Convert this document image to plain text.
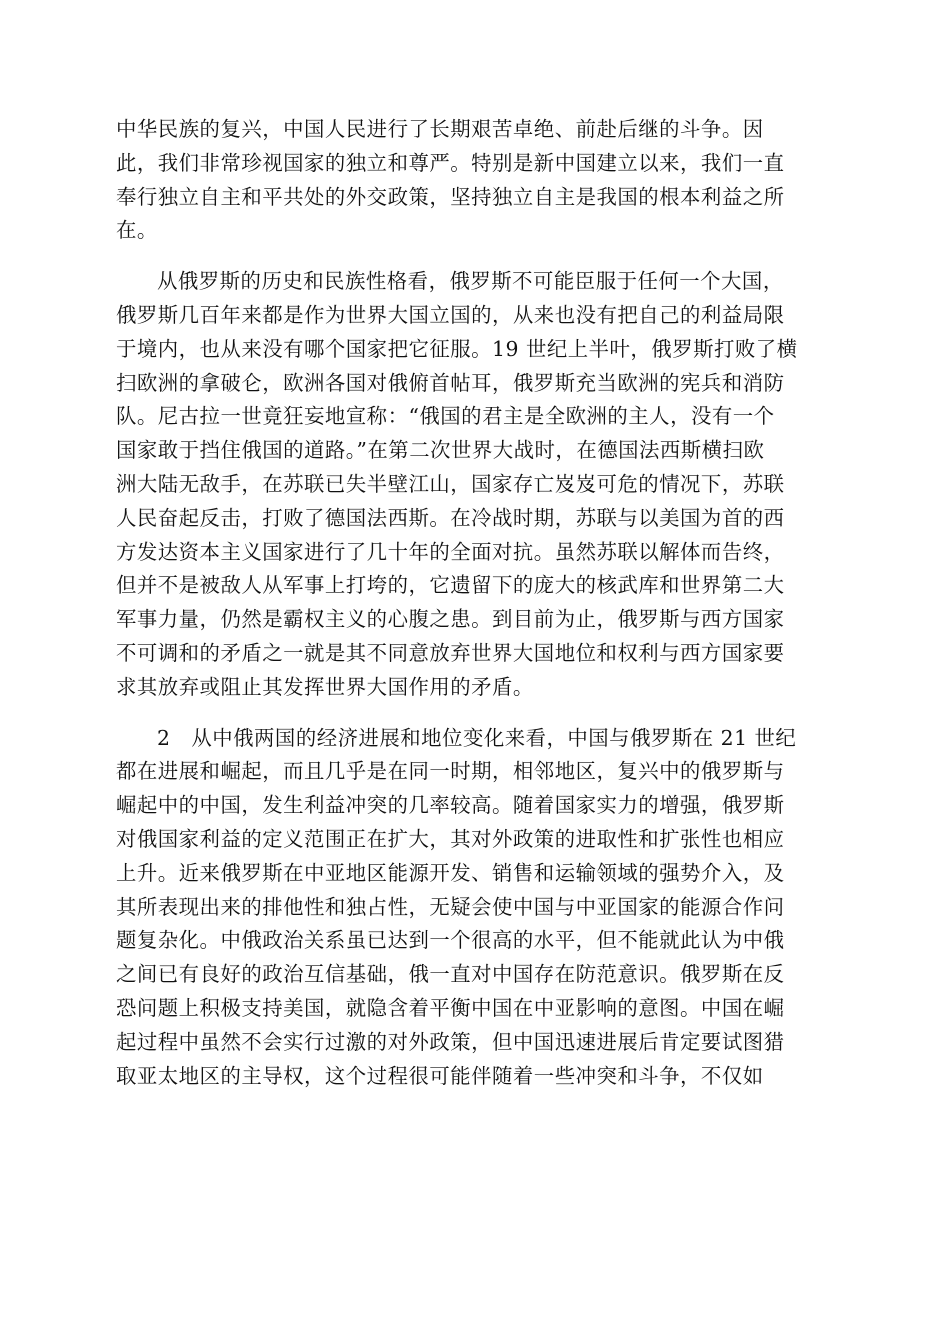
中华民族的复兴，中国人民进行了长期艰苦卓绝、前赴后继的斗争。因
此，我们非常珍视国家的独立和尊严。特别是新中国建立以来，我们一直
奉行独立自主和平共处的外交政策，坚持独立自主是我国的根本利益之所
在。

从俄罗斯的历史和民族性格看，俄罗斯不可能臣服于任何一个大国，
俄罗斯几百年来都是作为世界大国立国的，从来也没有把自己的利益局限
于境内，也从来没有哪个国家把它征服。19 世纪上半叶，俄罗斯打败了横
扫欧洲的拿破仑，欧洲各国对俄俯首帖耳，俄罗斯充当欧洲的宪兵和消防
队。尼古拉一世竟狂妄地宣称：“俄国的君主是全欧洲的主人，没有一个
国家敢于挡住俄国的道路。”在第二次世界大战时，在德国法西斯横扫欧
洲大陆无敌手，在苏联已失半壁江山，国家存亡岌岌可危的情况下，苏联
人民奋起反击，打败了德国法西斯。在冷战时期，苏联与以美国为首的西
方发达资本主义国家进行了几十年的全面对抗。虽然苏联以解体而告终，
但并不是被敌人从军事上打垮的，它遗留下的庞大的核武库和世界第二大
军事力量，仍然是霸权主义的心腹之患。到目前为止，俄罗斯与西方国家
不可调和的矛盾之一就是其不同意放弃世界大国地位和权利与西方国家要
求其放弃或阻止其发挥世界大国作用的矛盾。

2　从中俄两国的经济进展和地位变化来看，中国与俄罗斯在 21 世纪
都在进展和崛起，而且几乎是在同一时期，相邻地区，复兴中的俄罗斯与
崛起中的中国，发生利益冲突的几率较高。随着国家实力的增强，俄罗斯
对俄国家利益的定义范围正在扩大，其对外政策的进取性和扩张性也相应
上升。近来俄罗斯在中亚地区能源开发、销售和运输领域的强势介入，及
其所表现出来的排他性和独占性，无疑会使中国与中亚国家的能源合作问
题复杂化。中俄政治关系虽已达到一个很高的水平，但不能就此认为中俄
之间已有良好的政治互信基础，俄一直对中国存在防范意识。俄罗斯在反
恐问题上积极支持美国，就隐含着平衡中国在中亚影响的意图。中国在崛
起过程中虽然不会实行过激的对外政策，但中国迅速进展后肯定要试图猎
取亚太地区的主导权，这个过程很可能伴随着一些冲突和斗争，不仅如
